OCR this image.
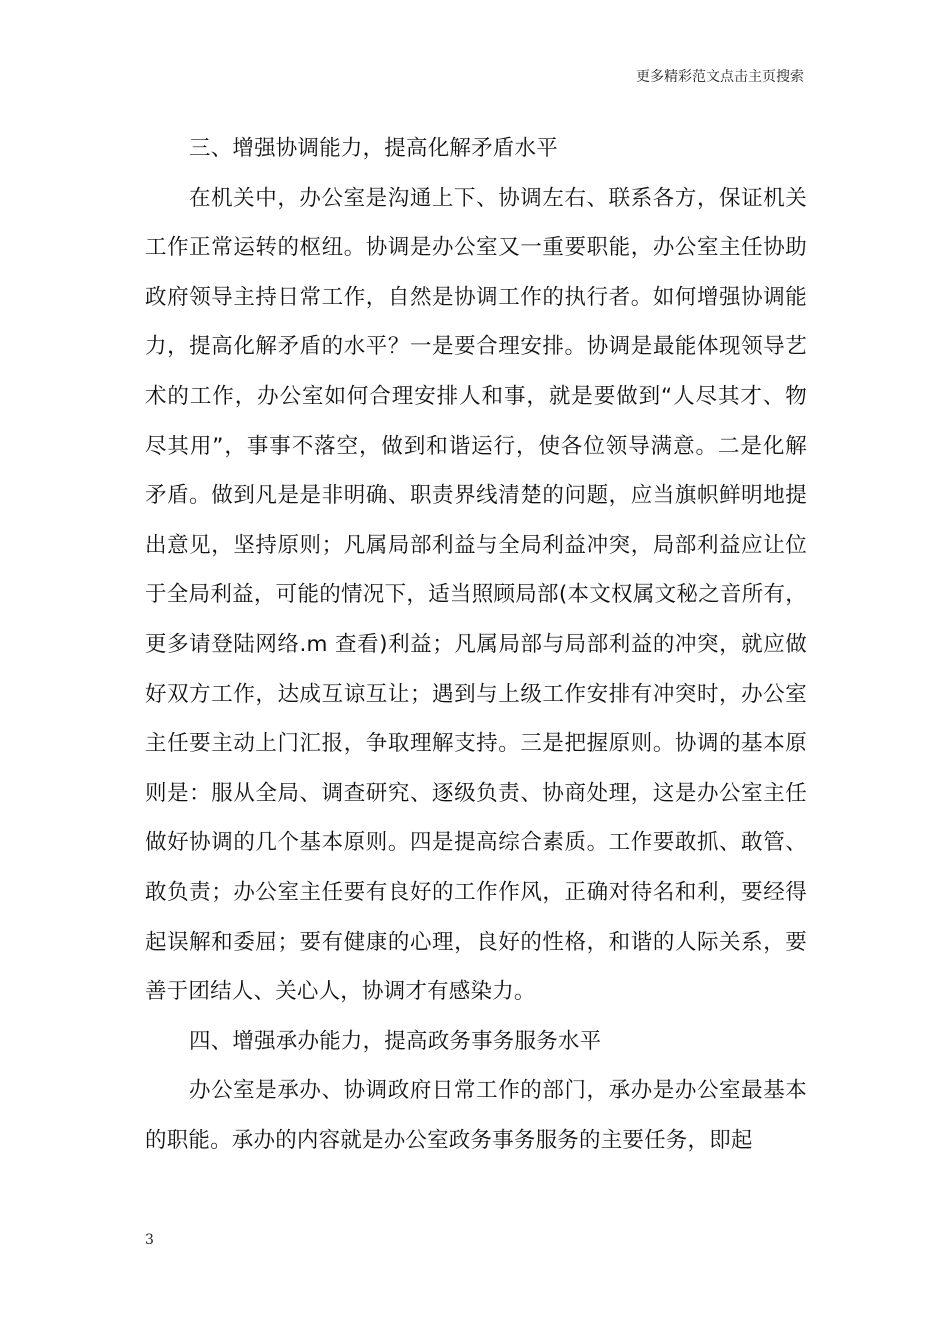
更多精彩范文点击主页搜索

三、增强协调能力，提高化解矛盾水平

在机关中，办公室是沟通上下、协调左右、联系各方，保证机关工作正常运转的枢纽。协调是办公室又一重要职能，办公室主任协助政府领导主持日常工作，自然是协调工作的执行者。如何增强协调能力，提高化解矛盾的水平？一是要合理安排。协调是最能体现领导艺术的工作，办公室如何合理安排人和事，就是要做到“人尽其才、物尽其用”，事事不落空，做到和谐运行，使各位领导满意。二是化解矛盾。做到凡是是非明确、职责界线清楚的问题，应当旗帜鲜明地提出意见，坚持原则；凡属局部利益与全局利益冲突，局部利益应让位于全局利益，可能的情况下，适当照顾局部(本文权属文秘之音所有，更多请登陆网络.m 查看)利益；凡属局部与局部利益的冲突，就应做好双方工作，达成互谅互让；遇到与上级工作安排有冲突时，办公室主任要主动上门汇报，争取理解支持。三是把握原则。协调的基本原则是：服从全局、调查研究、逐级负责、协商处理，这是办公室主任做好协调的几个基本原则。四是提高综合素质。工作要敢抓、敢管、敢负责；办公室主任要有良好的工作作风，正确对待名和利，要经得起误解和委屈；要有健康的心理，良好的性格，和谐的人际关系，要善于团结人、关心人，协调才有感染力。

四、增强承办能力，提高政务事务服务水平

办公室是承办、协调政府日常工作的部门，承办是办公室最基本的职能。承办的内容就是办公室政务事务服务的主要任务，即起

3
